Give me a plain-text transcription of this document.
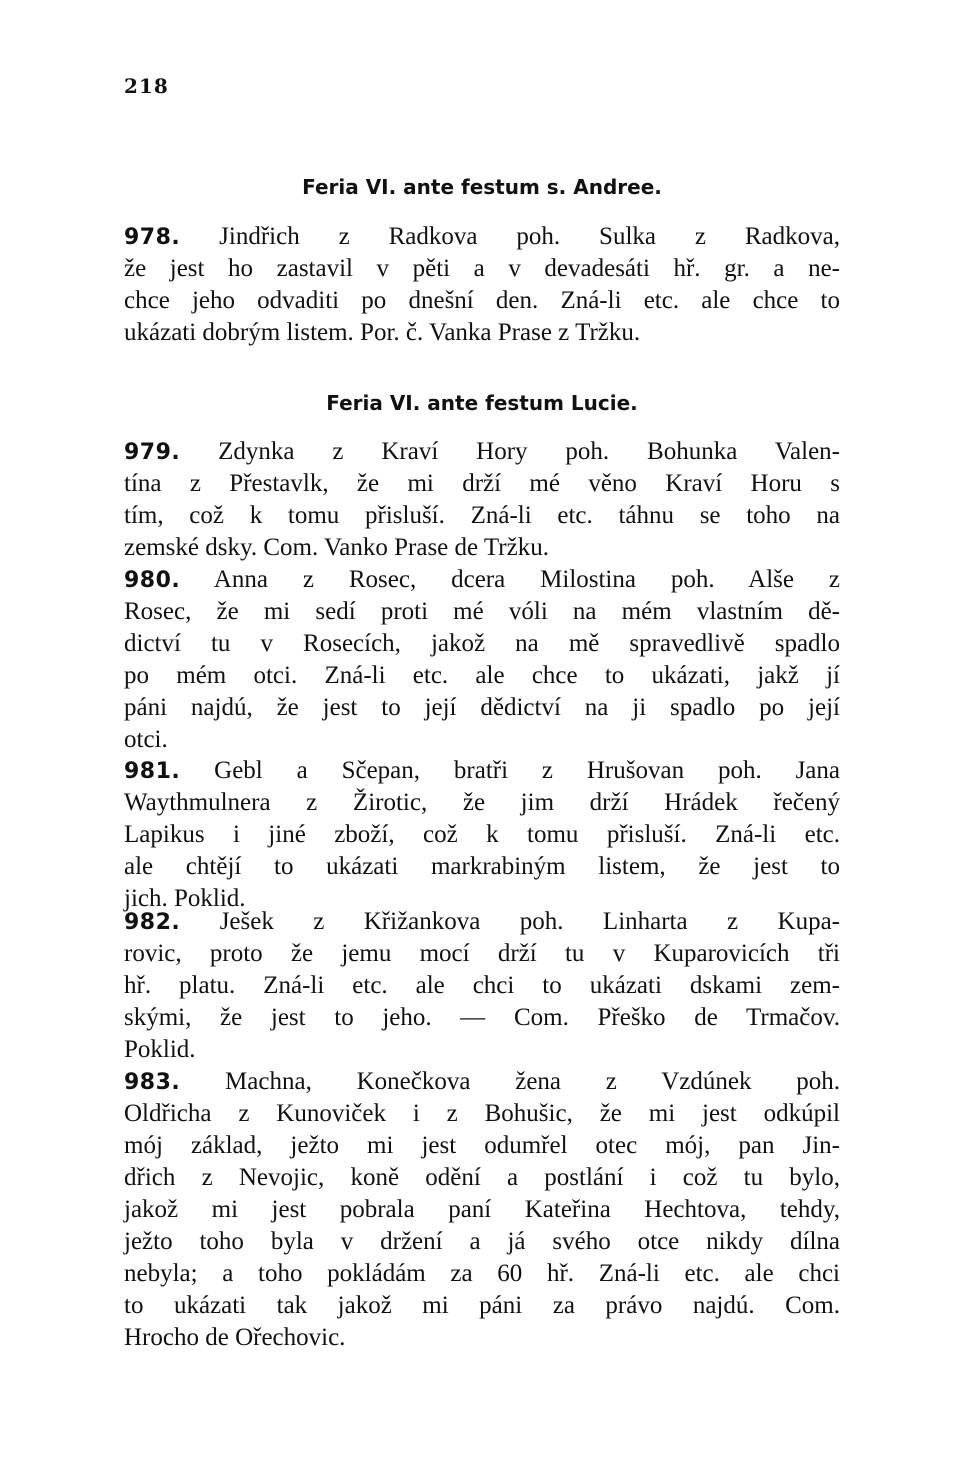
218
Feria VI. ante festum s. Andree.
978. Jindřich z Radkova poh. Sulka z Radkova,
že jest ho zastavil v pěti a v devadesáti hř. gr. a ne-
chce jeho odvaditi po dnešní den. Zná-li etc. ale chce to
ukázati dobrým listem. Por. č. Vanka Prase z Tržku.
Feria VI. ante festum Lucie.
979. Zdynka z Kraví Hory poh. Bohunka Valen-
tína z Přestavlk, že mi drží mé věno Kraví Horu s
tím, což k tomu přisluší. Zná-li etc. táhnu se toho na
zemské dsky. Com. Vanko Prase de Tržku.
980. Anna z Rosec, dcera Milostina poh. Alše z
Rosec, že mi sedí proti mé vóli na mém vlastním dě-
dictví tu v Rosecích, jakož na mě spravedlivě spadlo
po mém otci. Zná-li etc. ale chce to ukázati, jakž jí
páni najdú, že jest to její dědictví na ji spadlo po její
otci.
981. Gebl a Sčepan, bratři z Hrušovan poh. Jana
Waythmulnera z Žirotic, že jim drží Hrádek řečený
Lapikus i jiné zboží, což k tomu přisluší. Zná-li etc.
ale chtějí to ukázati markrabiným listem, že jest to
jich. Poklid.
982. Ješek z Křižankova poh. Linharta z Kupa-
rovic, proto že jemu mocí drží tu v Kuparovicích tři
hř. platu. Zná-li etc. ale chci to ukázati dskami zem-
skými, že jest to jeho. — Com. Přeško de Trmačov.
Poklid.
983. Machna, Konečkova žena z Vzdúnek poh.
Oldřicha z Kunoviček i z Bohušic, že mi jest odkúpil
mój základ, ježto mi jest odumřel otec mój, pan Jin-
dřich z Nevojic, koně odění a postlání i což tu bylo,
jakož mi jest pobrala paní Kateřina Hechtova, tehdy,
ježto toho byla v držení a já svého otce nikdy dílna
nebyla; a toho pokládám za 60 hř. Zná-li etc. ale chci
to ukázati tak jakož mi páni za právo najdú. Com.
Hrocho de Ořechovic.
